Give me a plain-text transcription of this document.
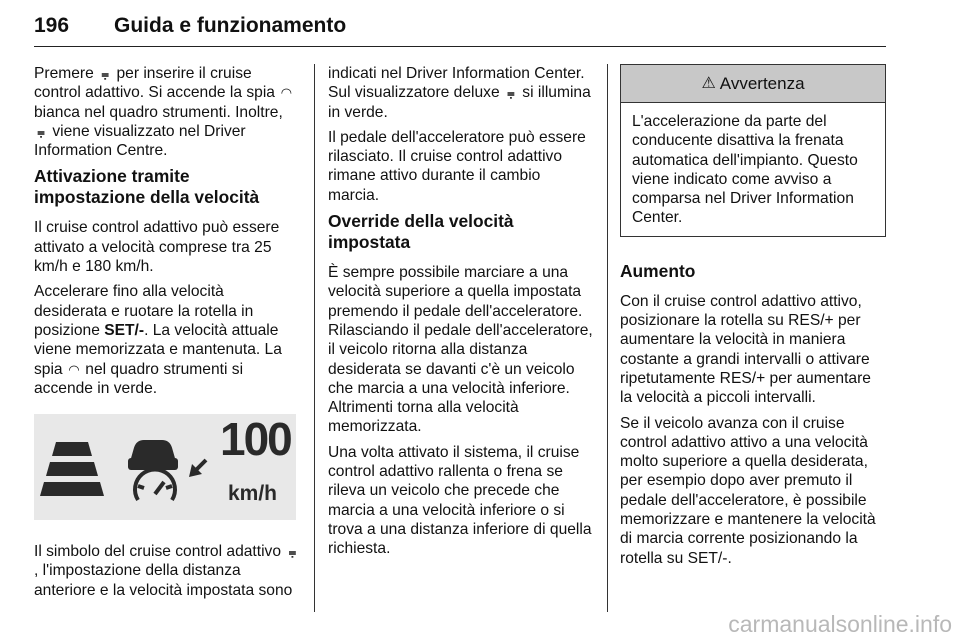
196 Guida e funzionamento

Premere ⩦ per inserire il cruise control adattivo. Si accende la spia ◠ bianca nel quadro strumenti. Inoltre, ⩦ viene visualizzato nel Driver Information Centre.

Attivazione tramite impostazione della velocità

Il cruise control adattivo può essere attivato a velocità comprese tra 25 km/h e 180 km/h.

Accelerare fino alla velocità desiderata e ruotare la rotella in posizione SET/-. La velocità attuale viene memorizzata e mantenuta. La spia ◠ nel quadro strumenti si accende in verde.

100
km/h

Il simbolo del cruise control adattivo ⩦, l'impostazione della distanza anteriore e la velocità impostata sono

indicati nel Driver Information Center. Sul visualizzatore deluxe ⩦ si illumina in verde.

Il pedale dell'acceleratore può essere rilasciato. Il cruise control adattivo rimane attivo durante il cambio marcia.

Override della velocità impostata

È sempre possibile marciare a una velocità superiore a quella impostata premendo il pedale dell'acceleratore. Rilasciando il pedale dell'acceleratore, il veicolo ritorna alla distanza desiderata se davanti c'è un veicolo che marcia a una velocità inferiore. Altrimenti torna alla velocità memorizzata.

Una volta attivato il sistema, il cruise control adattivo rallenta o frena se rileva un veicolo che precede che marcia a una velocità inferiore o si trova a una distanza inferiore di quella richiesta.

⚠ Avvertenza
L'accelerazione da parte del conducente disattiva la frenata automatica dell'impianto. Questo viene indicato come avviso a comparsa nel Driver Information Center.
Aumento

Con il cruise control adattivo attivo, posizionare la rotella su RES/+ per aumentare la velocità in maniera costante a grandi intervalli o attivare ripetutamente RES/+ per aumentare la velocità a piccoli intervalli.

Se il veicolo avanza con il cruise control adattivo attivo a una velocità molto superiore a quella desiderata, per esempio dopo aver premuto il pedale dell'acceleratore, è possibile memorizzare e mantenere la velocità di marcia corrente posizionando la rotella su SET/-.

carmanualsonline.info
